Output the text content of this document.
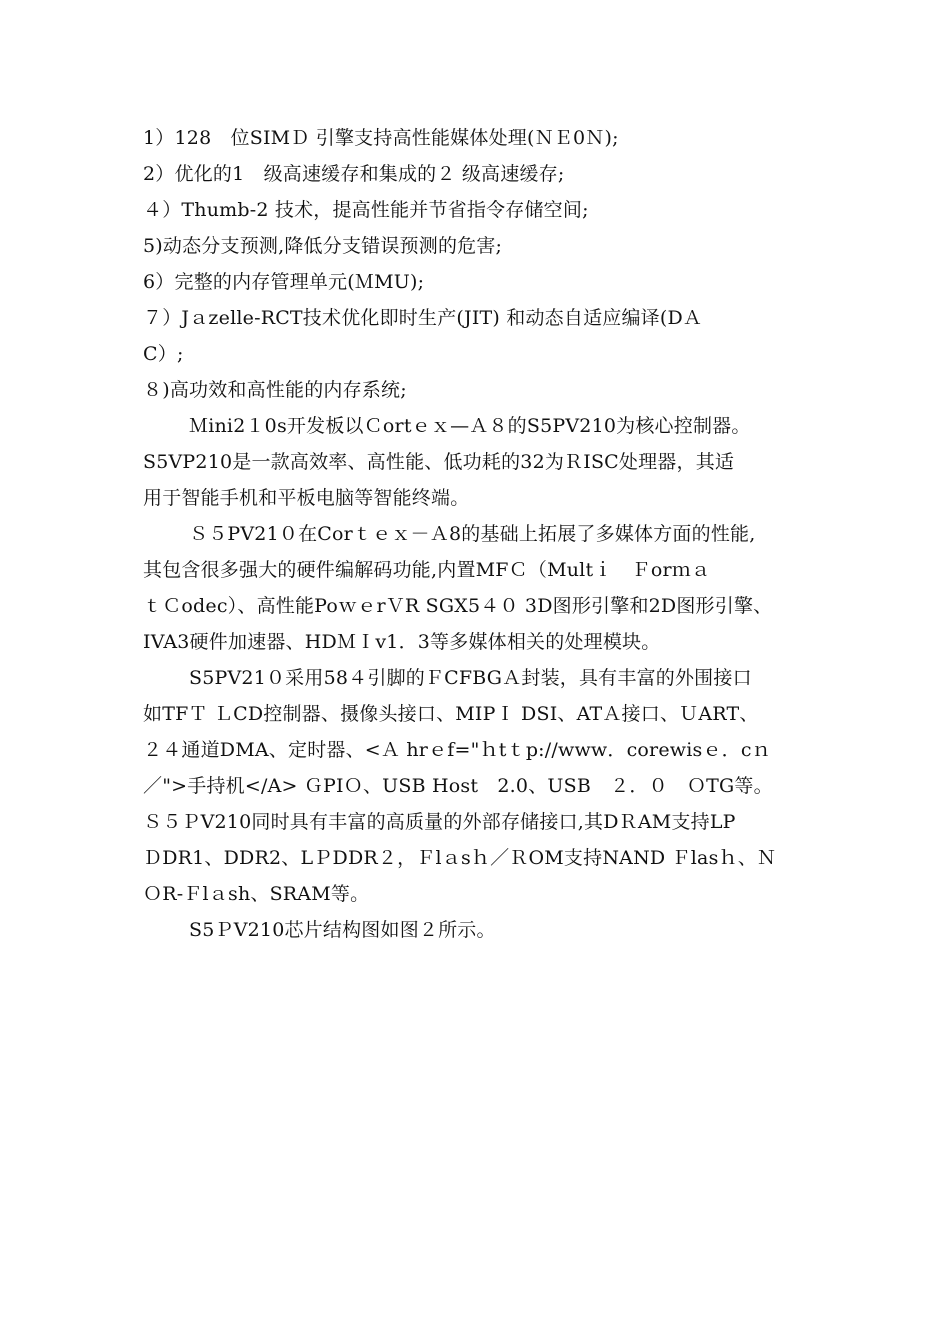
1）128　位SIMＤ 引擎支持高性能媒体处理(ＮＥ0Ｎ);
2）优化的1　级高速缓存和集成的２ 级高速缓存;
４）Thumb-2 技术，提高性能并节省指令存储空间;
5)动态分支预测,降低分支错误预测的危害;
6）完整的内存管理单元(ＭMU);
７）Jａzelle-RCT技术优化即时生产(JIT) 和动态自适应编译(DＡ
C）;
８)高功效和高性能的内存系统;
Ｍini2１0s开发板以Ｃortｅｘ—Ａ８的S5PV210为核心控制器。
S5VP210是一款高效率、高性能、低功耗的32为ＲISC处理器，其适
用于智能手机和平板电脑等智能终端。
Ｓ５PV21０在Corｔｅｘ－Ａ8的基础上拓展了多媒体方面的性能,
其包含很多强大的硬件编解码功能,内置MFＣ（Multｉ　Ｆorｍａ
ｔＣodec）、高性能PoｗｅrＶR SGX5４０ 3D图形引擎和2D图形引擎、
IVA3硬件加速器、HDＭＩv1．3等多媒体相关的处理模块。
S5PV21０采用58４引脚的ＦCFBGＡ封装，具有丰富的外围接口
如TFＴ ＬCD控制器、摄像头接口、MIPＩ DSI、ATＡ接口、ＵART、
２４通道DMA、定时器、<Ａ hrｅf="ｈtｔp://www．corewisｅ．cｎ
／">手持机</A> ＧPIＯ、USB Host　2.0、USB　２．０　ＯTG等。
Ｓ５ＰV210同时具有丰富的高质量的外部存储接口,其DＲAM支持LP
ＤDR1、DDR2、LＰDDR２，Ｆlａsｈ／ＲOM支持NAND Ｆlasｈ、Ｎ
ＯR-Ｆlａsh、SRAM等。
S5ＰV210芯片结构图如图２所示。
